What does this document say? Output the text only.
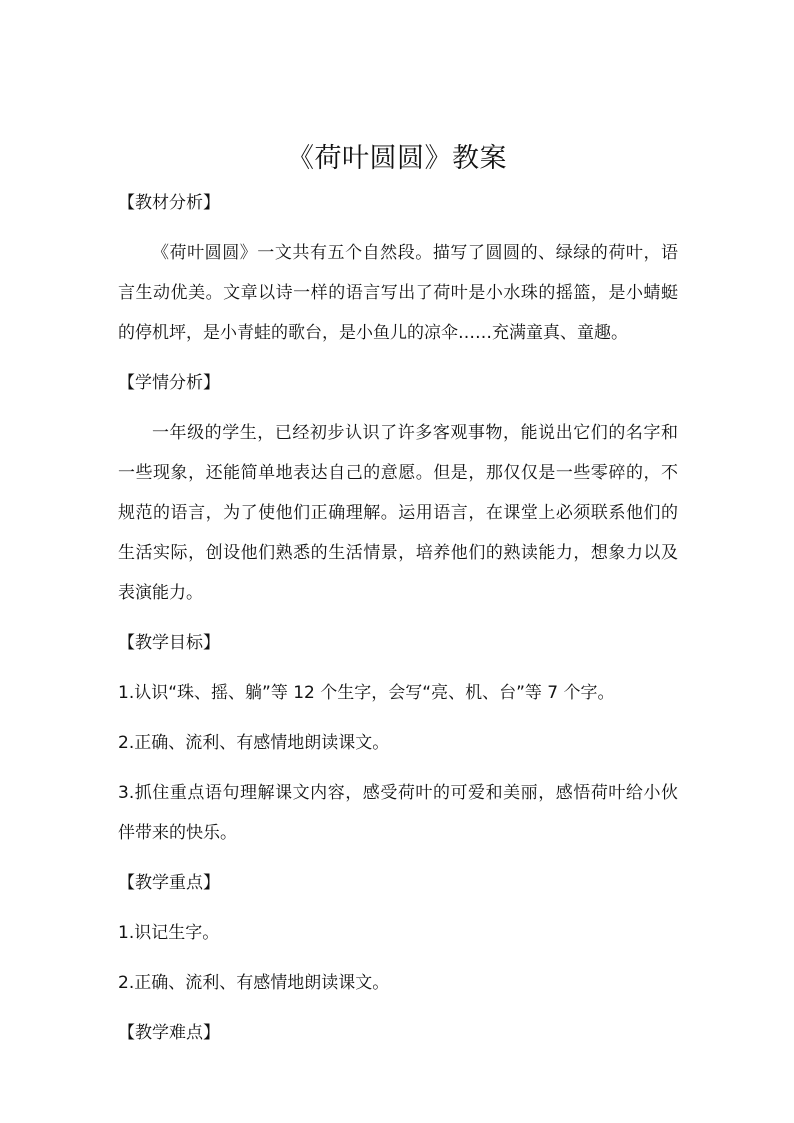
《荷叶圆圆》教案
【教材分析】
《荷叶圆圆》一文共有五个自然段。描写了圆圆的、绿绿的荷叶，语言生动优美。文章以诗一样的语言写出了荷叶是小水珠的摇篮，是小蜻蜓的停机坪，是小青蛙的歌台，是小鱼儿的凉伞……充满童真、童趣。
【学情分析】
一年级的学生，已经初步认识了许多客观事物，能说出它们的名字和一些现象，还能简单地表达自己的意愿。但是，那仅仅是一些零碎的，不规范的语言，为了使他们正确理解。运用语言，在课堂上必须联系他们的生活实际，创设他们熟悉的生活情景，培养他们的熟读能力，想象力以及表演能力。
【教学目标】
1.认识“珠、摇、躺”等 12 个生字，会写“亮、机、台”等 7 个字。
2.正确、流利、有感情地朗读课文。
3.抓住重点语句理解课文内容，感受荷叶的可爱和美丽，感悟荷叶给小伙伴带来的快乐。
【教学重点】
1.识记生字。
2.正确、流利、有感情地朗读课文。
【教学难点】
